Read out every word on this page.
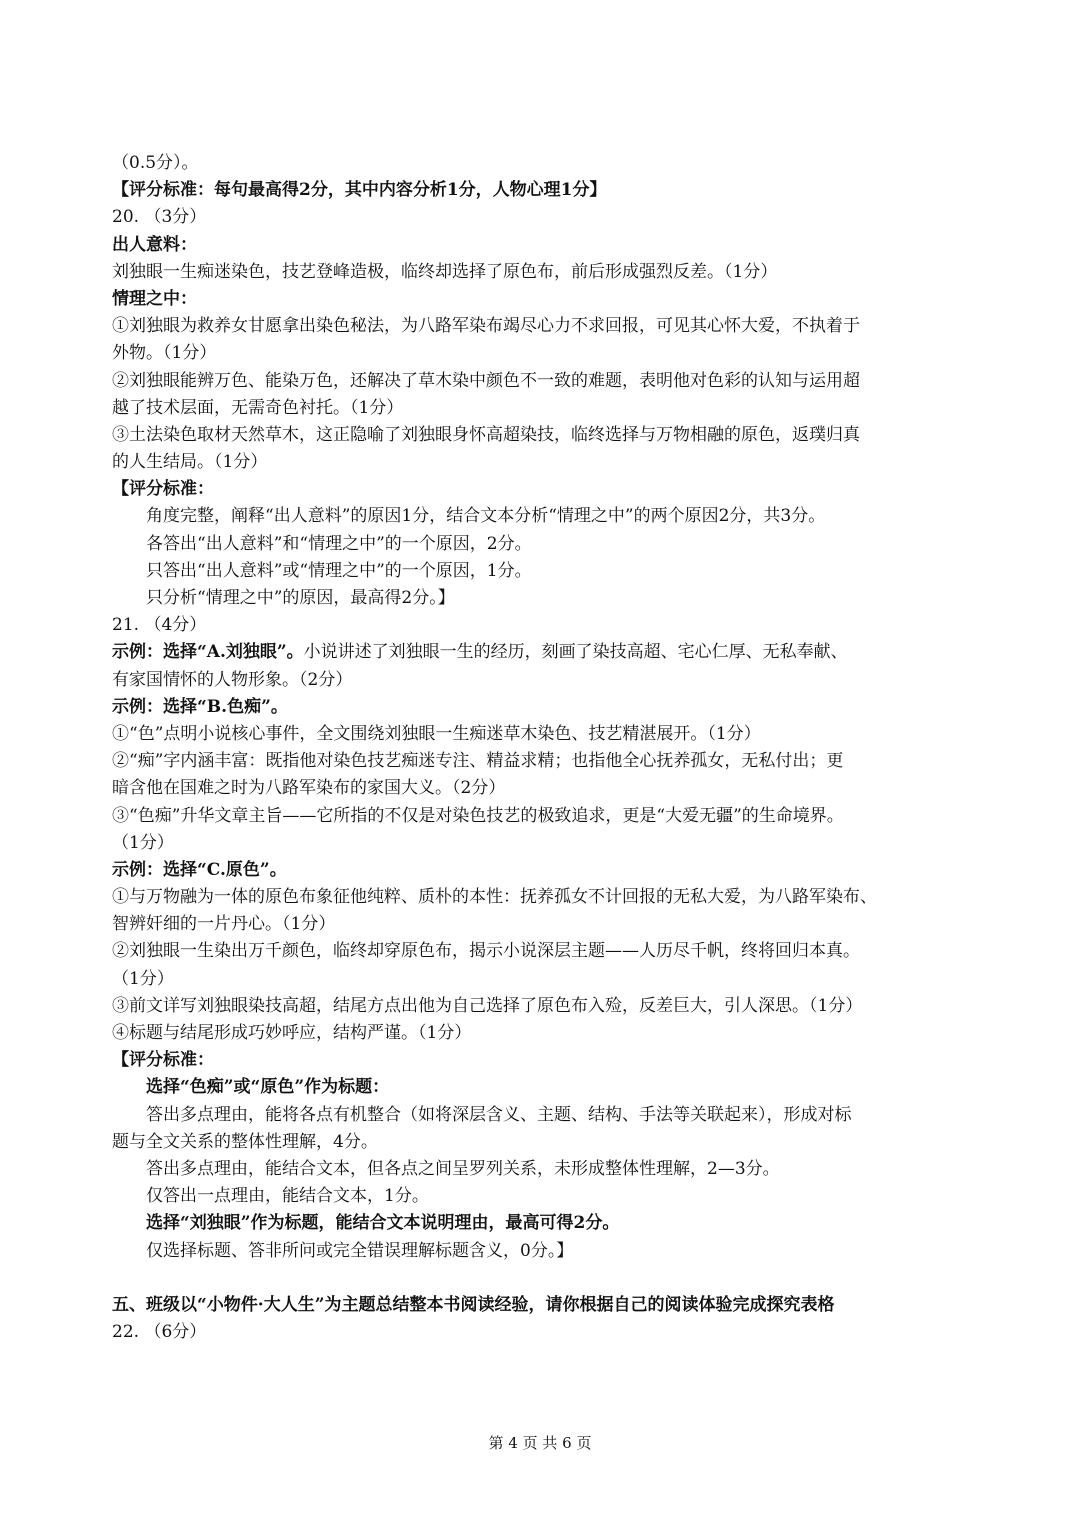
（0.5分）。
【评分标准：每句最高得2分，其中内容分析1分，人物心理1分】
20. （3分）
出人意料：
刘独眼一生痴迷染色，技艺登峰造极，临终却选择了原色布，前后形成强烈反差。（1分）
情理之中：
①刘独眼为救养女甘愿拿出染色秘法，为八路军染布竭尽心力不求回报，可见其心怀大爱，不执着于
外物。（1分）
②刘独眼能辨万色、能染万色，还解决了草木染中颜色不一致的难题，表明他对色彩的认知与运用超
越了技术层面，无需奇色衬托。（1分）
③土法染色取材天然草木，这正隐喻了刘独眼身怀高超染技，临终选择与万物相融的原色，返璞归真
的人生结局。（1分）
【评分标准：
角度完整，阐释“出人意料”的原因1分，结合文本分析“情理之中”的两个原因2分，共3分。
各答出“出人意料”和“情理之中”的一个原因，2分。
只答出“出人意料”或“情理之中”的一个原因，1分。
只分析“情理之中”的原因，最高得2分。】
21. （4分）
示例：选择“A.刘独眼”。小说讲述了刘独眼一生的经历，刻画了染技高超、宅心仁厚、无私奉献、
有家国情怀的人物形象。（2分）
示例：选择“B.色痴”。
①“色”点明小说核心事件，全文围绕刘独眼一生痴迷草木染色、技艺精湛展开。（1分）
②“痴”字内涵丰富：既指他对染色技艺痴迷专注、精益求精；也指他全心抚养孤女，无私付出；更
暗含他在国难之时为八路军染布的家国大义。（2分）
③“色痴”升华文章主旨——它所指的不仅是对染色技艺的极致追求，更是“大爱无疆”的生命境界。
（1分）
示例：选择“C.原色”。
①与万物融为一体的原色布象征他纯粹、质朴的本性：抚养孤女不计回报的无私大爱，为八路军染布、
智辨奸细的一片丹心。（1分）
②刘独眼一生染出万千颜色，临终却穿原色布，揭示小说深层主题——人历尽千帆，终将回归本真。
（1分）
③前文详写刘独眼染技高超，结尾方点出他为自己选择了原色布入殓，反差巨大，引人深思。（1分）
④标题与结尾形成巧妙呼应，结构严谨。（1分）
【评分标准：
选择“色痴”或“原色”作为标题：
答出多点理由，能将各点有机整合（如将深层含义、主题、结构、手法等关联起来），形成对标
题与全文关系的整体性理解，4分。
答出多点理由，能结合文本，但各点之间呈罗列关系，未形成整体性理解，2—3分。
仅答出一点理由，能结合文本，1分。
选择“刘独眼”作为标题，能结合文本说明理由，最高可得2分。
仅选择标题、答非所问或完全错误理解标题含义，0分。】
五、班级以“小物件·大人生”为主题总结整本书阅读经验，请你根据自己的阅读体验完成探究表格
22. （6分）
第 4 页 共 6 页
